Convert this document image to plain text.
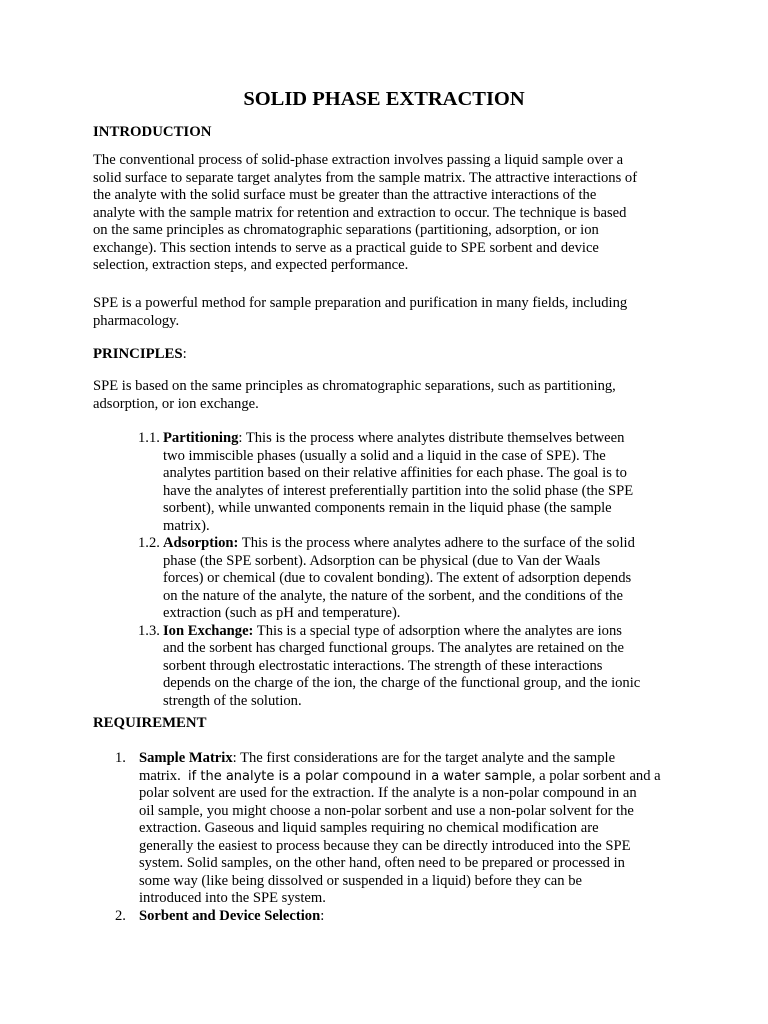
SOLID PHASE EXTRACTION
INTRODUCTION

The conventional process of solid-phase extraction involves passing a liquid sample over a
solid surface to separate target analytes from the sample matrix. The attractive interactions of
the analyte with the solid surface must be greater than the attractive interactions of the
analyte with the sample matrix for retention and extraction to occur. The technique is based
on the same principles as chromatographic separations (partitioning, adsorption, or ion
exchange). This section intends to serve as a practical guide to SPE sorbent and device
selection, extraction steps, and expected performance.

SPE is a powerful method for sample preparation and purification in many fields, including
pharmacology.

PRINCIPLES:

SPE is based on the same principles as chromatographic separations, such as partitioning,
adsorption, or ion exchange.

1.1. Partitioning: This is the process where analytes distribute themselves between
two immiscible phases (usually a solid and a liquid in the case of SPE). The
analytes partition based on their relative affinities for each phase. The goal is to
have the analytes of interest preferentially partition into the solid phase (the SPE
sorbent), while unwanted components remain in the liquid phase (the sample
matrix).
1.2. Adsorption: This is the process where analytes adhere to the surface of the solid
phase (the SPE sorbent). Adsorption can be physical (due to Van der Waals
forces) or chemical (due to covalent bonding). The extent of adsorption depends
on the nature of the analyte, the nature of the sorbent, and the conditions of the
extraction (such as pH and temperature).
1.3. Ion Exchange: This is a special type of adsorption where the analytes are ions
and the sorbent has charged functional groups. The analytes are retained on the
sorbent through electrostatic interactions. The strength of these interactions
depends on the charge of the ion, the charge of the functional group, and the ionic
strength of the solution.
REQUIREMENT
1. Sample Matrix: The first considerations are for the target analyte and the sample
matrix.  if the analyte is a polar compound in a water sample, a polar sorbent and a
polar solvent are used for the extraction. If the analyte is a non-polar compound in an
oil sample, you might choose a non-polar sorbent and use a non-polar solvent for the
extraction. Gaseous and liquid samples requiring no chemical modification are
generally the easiest to process because they can be directly introduced into the SPE
system. Solid samples, on the other hand, often need to be prepared or processed in
some way (like being dissolved or suspended in a liquid) before they can be
introduced into the SPE system.
2. Sorbent and Device Selection:
